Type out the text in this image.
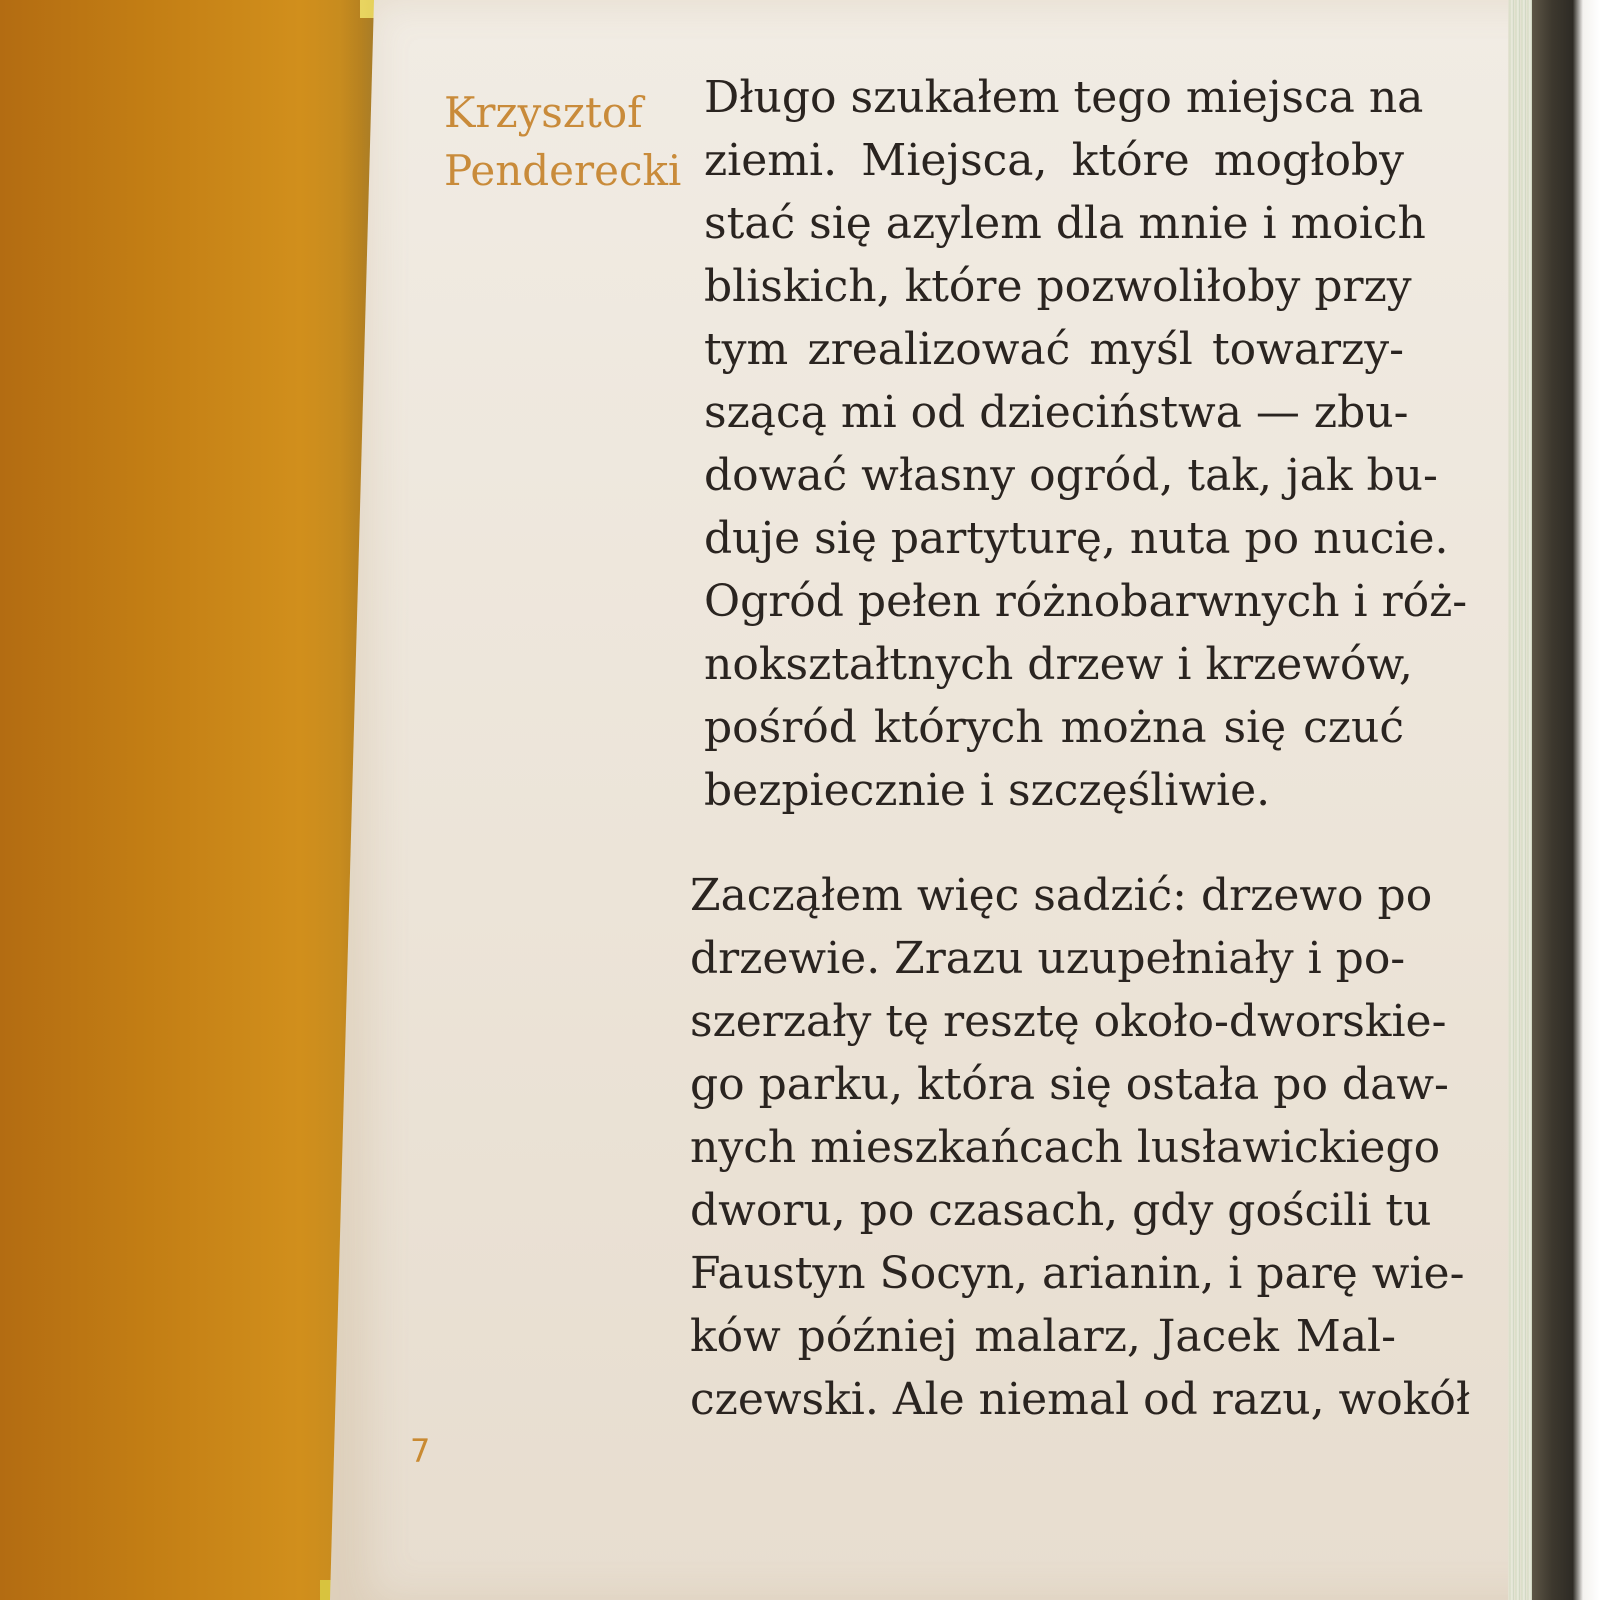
Krzysztof
Penderecki
Długo szukałem tego miejsca na
ziemi. Miejsca, które mogłoby
stać się azylem dla mnie i moich
bliskich, które pozwoliłoby przy
tym zrealizować myśl towarzy-
szącą mi od dzieciństwa — zbu-
dować własny ogród, tak, jak bu-
duje się partyturę, nuta po nucie.
Ogród pełen różnobarwnych i róż-
nokształtnych drzew i krzewów,
pośród których można się czuć
bezpiecznie i szczęśliwie.
Zacząłem więc sadzić: drzewo po
drzewie. Zrazu uzupełniały i po-
szerzały tę resztę około-dworskie-
go parku, która się ostała po daw-
nych mieszkańcach lusławickiego
dworu, po czasach, gdy gościli tu
Faustyn Socyn, arianin, i parę wie-
ków później malarz, Jacek Mal-
czewski. Ale niemal od razu, wokół
7
